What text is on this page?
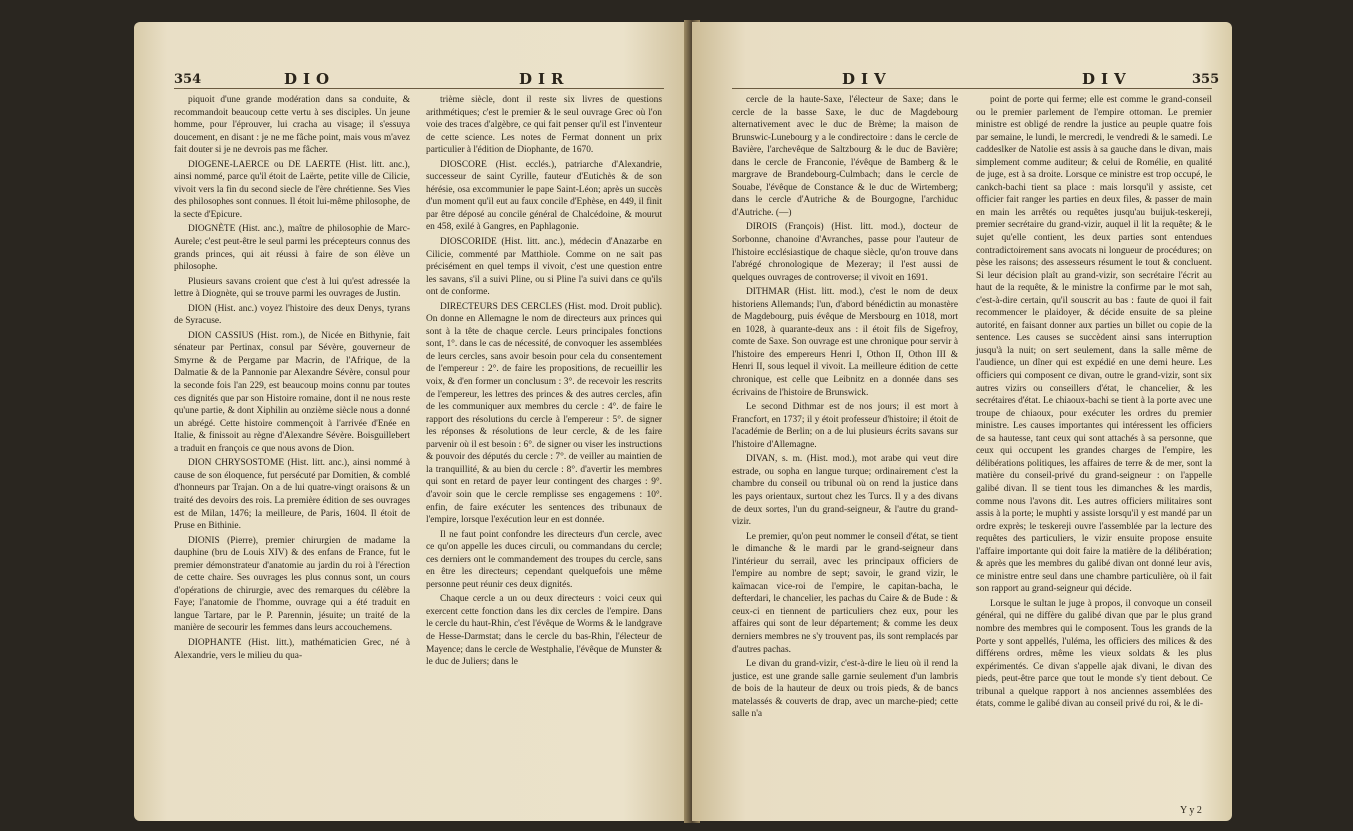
354	DIO	DIR

piquoit d'une grande modération dans sa conduite, & recommandoit beaucoup cette vertu à ses disciples. Un jeune homme, pour l'éprouver, lui cracha au visage; il s'essuya doucement, en disant : je ne me fâche point, mais vous m'avez fait douter si je ne devrois pas me fâcher.

DIOGENE-LAERCE ou DE LAERTE (Hist. litt. anc.), ainsi nommé, parce qu'il étoit de Laërte, petite ville de Cilicie, vivoit vers la fin du second siecle de l'ère chrétienne. Ses Vies des philosophes sont connues. Il étoit lui-même philosophe, de la secte d'Epicure.

DIOGNÈTE (Hist. anc.), maître de philosophie de Marc-Aurele; c'est peut-être le seul parmi les précepteurs connus des grands princes, qui ait réussi à faire de son élève un philosophe.

Plusieurs savans croient que c'est à lui qu'est adressée la lettre à Diognète, qui se trouve parmi les ouvrages de Justin.

DION (Hist. anc.) voyez l'histoire des deux Denys, tyrans de Syracuse.

DION CASSIUS (Hist. rom.), de Nicée en Bithynie, fait sénateur par Pertinax, consul par Sévère, gouverneur de Smyrne & de Pergame par Macrin, de l'Afrique, de la Dalmatie & de la Pannonie par Alexandre Sévère, consul pour la seconde fois l'an 229, est beaucoup moins connu par toutes ces dignités que par son Histoire romaine, dont il ne nous reste qu'une partie, & dont Xiphilin au onzième siècle nous a donné un abrégé. Cette histoire commençoit à l'arrivée d'Enée en Italie, & finissoit au règne d'Alexandre Sévère. Boisguillebert a traduit en françois ce que nous avons de Dion.

DION CHRYSOSTOME (Hist. litt. anc.), ainsi nommé à cause de son éloquence, fut persécuté par Domitien, & comblé d'honneurs par Trajan. On a de lui quatre-vingt oraisons & un traité des devoirs des rois. La première édition de ses ouvrages est de Milan, 1476; la meilleure, de Paris, 1604. Il étoit de Pruse en Bithinie.

DIONIS (Pierre), premier chirurgien de madame la dauphine (bru de Louis XIV) & des enfans de France, fut le premier démonstrateur d'anatomie au jardin du roi à l'érection de cette chaire. Ses ouvrages les plus connus sont, un cours d'opérations de chirurgie, avec des remarques du célèbre la Faye; l'anatomie de l'homme, ouvrage qui a été traduit en langue Tartare, par le P. Parennin, jésuite; un traité de la manière de secourir les femmes dans leurs accouchemens.

DIOPHANTE (Hist. litt.), mathématicien Grec, né à Alexandrie, vers le milieu du qua-

trième siècle, dont il reste six livres de questions arithmétiques; c'est le premier & le seul ouvrage Grec où l'on voie des traces d'algèbre, ce qui fait penser qu'il est l'inventeur de cette science. Les notes de Fermat donnent un prix particulier à l'édition de Diophante, de 1670.

DIOSCORE (Hist. ecclés.), patriarche d'Alexandrie, successeur de saint Cyrille, fauteur d'Eutichès & de son hérésie, osa excommunier le pape Saint-Léon; après un succès d'un moment qu'il eut au faux concile d'Ephèse, en 449, il finit par être déposé au concile général de Chalcédoine, & mourut en 458, exilé à Gangres, en Paphlagonie.

DIOSCORIDE (Hist. litt. anc.), médecin d'Anazarbe en Cilicie, commenté par Matthiole. Comme on ne sait pas précisément en quel temps il vivoit, c'est une question entre les savans, s'il a suivi Pline, ou si Pline l'a suivi dans ce qu'ils ont de conforme.

DIRECTEURS DES CERCLES (Hist. mod. Droit public). On donne en Allemagne le nom de directeurs aux princes qui sont à la tête de chaque cercle. Leurs principales fonctions sont, 1°. dans le cas de nécessité, de convoquer les assemblées de leurs cercles, sans avoir besoin pour cela du consentement de l'empereur : 2°. de faire les propositions, de recueillir les voix, & d'en former un conclusum : 3°. de recevoir les rescrits de l'empereur, les lettres des princes & des autres cercles, afin de les communiquer aux membres du cercle : 4°. de faire le rapport des résolutions du cercle à l'empereur : 5°. de signer les réponses & résolutions de leur cercle, & de les faire parvenir où il est besoin : 6°. de signer ou viser les instructions & pouvoir des députés du cercle : 7°. de veiller au maintien de la tranquillité, & au bien du cercle : 8°. d'avertir les membres qui sont en retard de payer leur contingent des charges : 9°. d'avoir soin que le cercle remplisse ses engagemens : 10°. enfin, de faire exécuter les sentences des tribunaux de l'empire, lorsque l'exécution leur en est donnée.

Il ne faut point confondre les directeurs d'un cercle, avec ce qu'on appelle les duces circuli, ou commandans du cercle; ces derniers ont le commandement des troupes du cercle, sans en être les directeurs; cependant quelquefois une même personne peut réunir ces deux dignités.

Chaque cercle a un ou deux directeurs : voici ceux qui exercent cette fonction dans les dix cercles de l'empire. Dans le cercle du haut-Rhin, c'est l'évêque de Worms & le landgrave de Hesse-Darmstat; dans le cercle du bas-Rhin, l'électeur de Mayence; dans le cercle de Westphalie, l'évêque de Munster & le duc de Juliers; dans le

DIV	DIV	355

cercle de la haute-Saxe, l'électeur de Saxe; dans le cercle de la basse Saxe, le duc de Magdebourg alternativement avec le duc de Brème; la maison de Brunswic-Lunebourg y a le condirectoire : dans le cercle de Bavière, l'archevêque de Saltzbourg & le duc de Bavière; dans le cercle de Franconie, l'évêque de Bamberg & le margrave de Brandebourg-Culmbach; dans le cercle de Souabe, l'évêque de Constance & le duc de Wirtemberg; dans le cercle d'Autriche & de Bourgogne, l'archiduc d'Autriche. (—)

DIROIS (François) (Hist. litt. mod.), docteur de Sorbonne, chanoine d'Avranches, passe pour l'auteur de l'histoire ecclésiastique de chaque siècle, qu'on trouve dans l'abrégé chronologique de Mezeray; il l'est aussi de quelques ouvrages de controverse; il vivoit en 1691.

DITHMAR (Hist. litt. mod.), c'est le nom de deux historiens Allemands; l'un, d'abord bénédictin au monastère de Magdebourg, puis évêque de Mersbourg en 1018, mort en 1028, à quarante-deux ans : il étoit fils de Sigefroy, comte de Saxe. Son ouvrage est une chronique pour servir à l'histoire des empereurs Henri I, Othon II, Othon III & Henri II, sous lequel il vivoit. La meilleure édition de cette chronique, est celle que Leibnitz en a donnée dans ses écrivains de l'histoire de Brunswick.

Le second Dithmar est de nos jours; il est mort à Francfort, en 1737; il y étoit professeur d'histoire; il étoit de l'académie de Berlin; on a de lui plusieurs écrits savans sur l'histoire d'Allemagne.

DIVAN, s. m. (Hist. mod.), mot arabe qui veut dire estrade, ou sopha en langue turque; ordinairement c'est la chambre du conseil ou tribunal où on rend la justice dans les pays orientaux, surtout chez les Turcs. Il y a des divans de deux sortes, l'un du grand-seigneur, & l'autre du grand-vizir.

Le premier, qu'on peut nommer le conseil d'état, se tient le dimanche & le mardi par le grand-seigneur dans l'intérieur du serrail, avec les principaux officiers de l'empire au nombre de sept; savoir, le grand vizir, le kaïmacan vice-roi de l'empire, le capitan-bacha, le defterdari, le chancelier, les pachas du Caire & de Bude : & ceux-ci en tiennent de particuliers chez eux, pour les affaires qui sont de leur département; & comme les deux derniers membres ne s'y trouvent pas, ils sont remplacés par d'autres pachas.

Le divan du grand-vizir, c'est-à-dire le lieu où il rend la justice, est une grande salle garnie seulement d'un lambris de bois de la hauteur de deux ou trois pieds, & de bancs matelassés & couverts de drap, avec un marche-pied; cette salle n'a

point de porte qui ferme; elle est comme le grand-conseil ou le premier parlement de l'empire ottoman. Le premier ministre est obligé de rendre la justice au peuple quatre fois par semaine, le lundi, le mercredi, le vendredi & le samedi. Le caddeslker de Natolie est assis à sa gauche dans le divan, mais simplement comme auditeur; & celui de Romélie, en qualité de juge, est à sa droite. Lorsque ce ministre est trop occupé, le cankch-bachi tient sa place : mais lorsqu'il y assiste, cet officier fait ranger les parties en deux files, & passer de main en main les arrêtés ou requêtes jusqu'au buijuk-teskereji, premier secrétaire du grand-vizir, auquel il lit la requête; & le sujet qu'elle contient, les deux parties sont entendues contradictoirement sans avocats ni longueur de procédures; on pèse les raisons; des assesseurs résument le tout & concluent. Si leur décision plaît au grand-vizir, son secrétaire l'écrit au haut de la requête, & le ministre la confirme par le mot sah, c'est-à-dire certain, qu'il souscrit au bas : faute de quoi il fait recommencer le plaidoyer, & décide ensuite de sa pleine autorité, en faisant donner aux parties un billet ou copie de la sentence. Les causes se succèdent ainsi sans interruption jusqu'à la nuit; on sert seulement, dans la salle même de l'audience, un dîner qui est expédié en une demi heure. Les officiers qui composent ce divan, outre le grand-vizir, sont six autres vizirs ou conseillers d'état, le chancelier, & les secrétaires d'état. Le chiaoux-bachi se tient à la porte avec une troupe de chiaoux, pour exécuter les ordres du premier ministre. Les causes importantes qui intéressent les officiers de sa hautesse, tant ceux qui sont attachés à sa personne, que ceux qui occupent les grandes charges de l'empire, les délibérations politiques, les affaires de terre & de mer, sont la matière du conseil-privé du grand-seigneur : on l'appelle galibé divan. Il se tient tous les dimanches & les mardis, comme nous l'avons dit. Les autres officiers militaires sont assis à la porte; le muphti y assiste lorsqu'il y est mandé par un ordre exprès; le teskereji ouvre l'assemblée par la lecture des requêtes des particuliers, le vizir ensuite propose ensuite l'affaire importante qui doit faire la matière de la délibération; & après que les membres du galibé divan ont donné leur avis, ce ministre entre seul dans une chambre particulière, où il fait son rapport au grand-seigneur qui décide.

Lorsque le sultan le juge à propos, il convoque un conseil général, qui ne diffère du galibé divan que par le plus grand nombre des membres qui le composent. Tous les grands de la Porte y sont appellés, l'uléma, les officiers des milices & des différens ordres, même les vieux soldats & les plus expérimentés. Ce divan s'appelle ajak divani, le divan des pieds, peut-être parce que tout le monde s'y tient debout. Ce tribunal a quelque rapport à nos anciennes assemblées des états, comme le galibé divan au conseil privé du roi, & le di-

Y y 2
